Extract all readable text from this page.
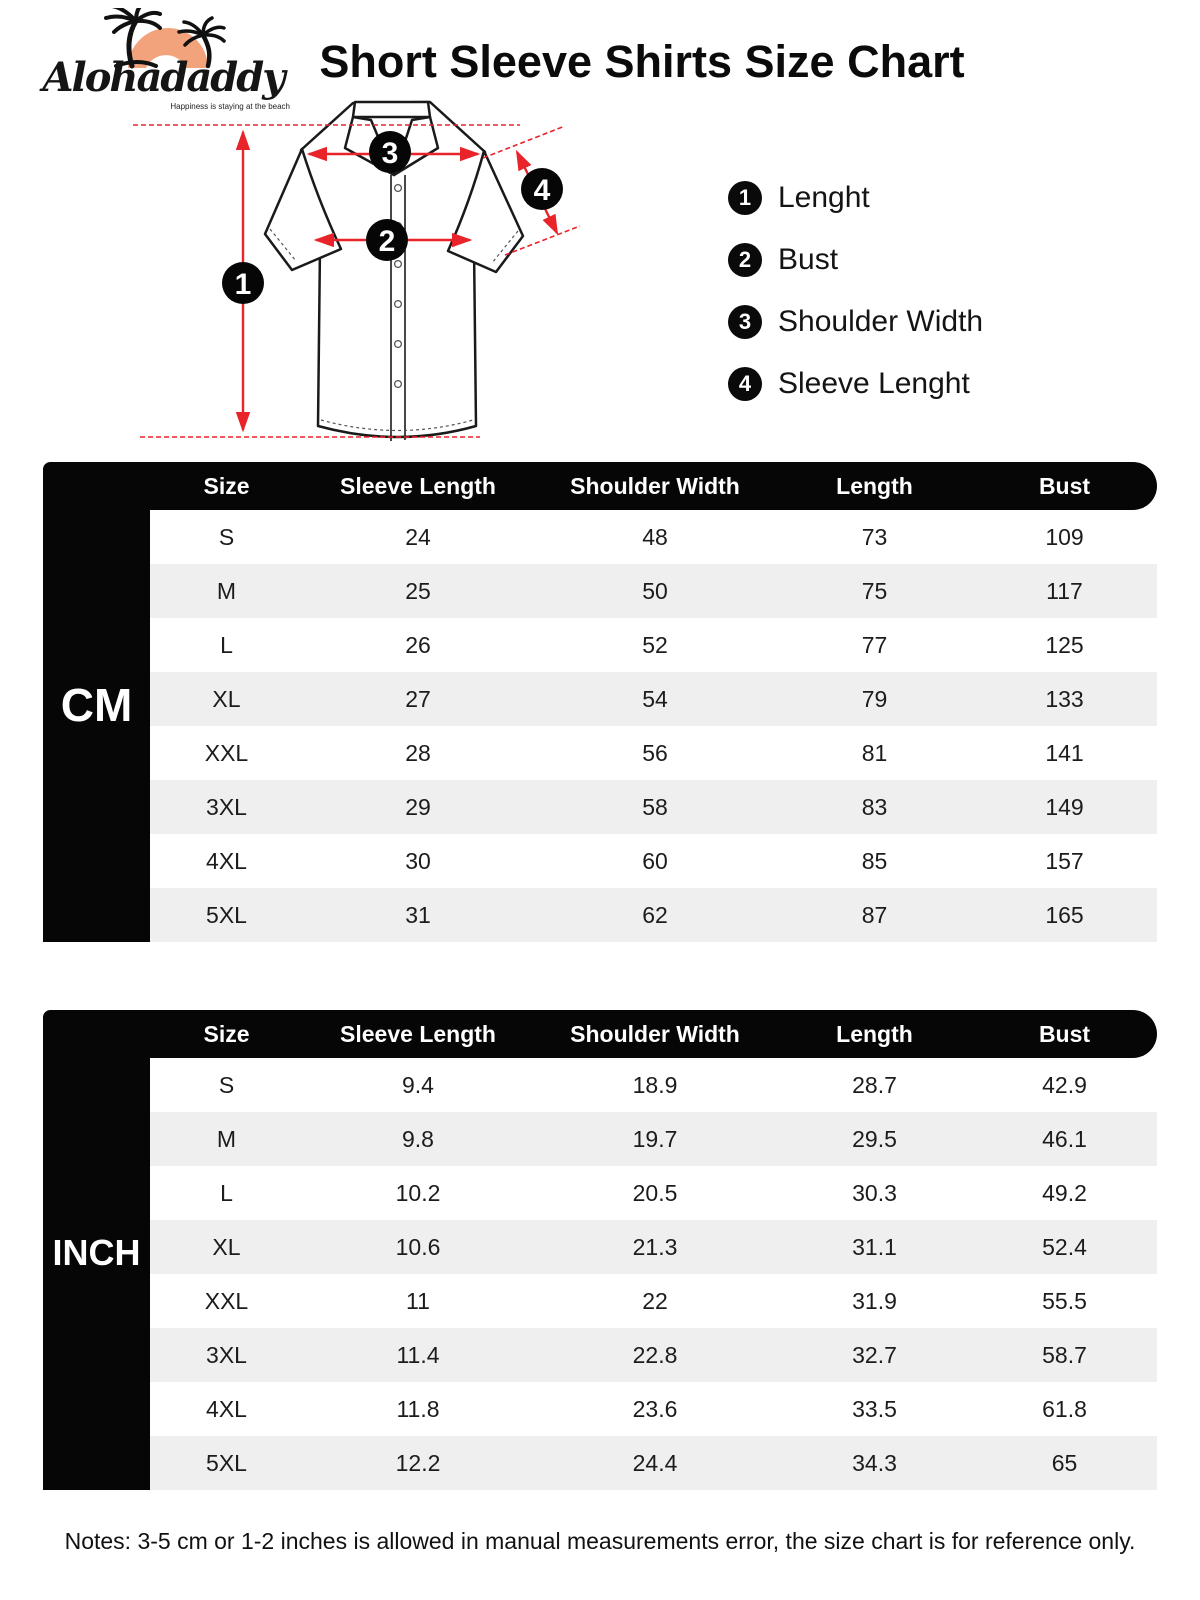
Alohadaddy
Happiness is staying at the beach
Short Sleeve Shirts Size Chart
1
2
3
4	1 Lenght
2 Bust
3 Shoulder Width
4 Sleeve Lenght
CM
Size	Sleeve Length	Shoulder Width	Length	Bust
S	24	48	73	109
M	25	50	75	117
L	26	52	77	125
XL	27	54	79	133
XXL	28	56	81	141
3XL	29	58	83	149
4XL	30	60	85	157
5XL	31	62	87	165
INCH
Size	Sleeve Length	Shoulder Width	Length	Bust
S	9.4	18.9	28.7	42.9
M	9.8	19.7	29.5	46.1
L	10.2	20.5	30.3	49.2
XL	10.6	21.3	31.1	52.4
XXL	11	22	31.9	55.5
3XL	11.4	22.8	32.7	58.7
4XL	11.8	23.6	33.5	61.8
5XL	12.2	24.4	34.3	65
Notes: 3-5 cm or 1-2 inches is allowed in manual measurements error, the size chart is for reference only.
